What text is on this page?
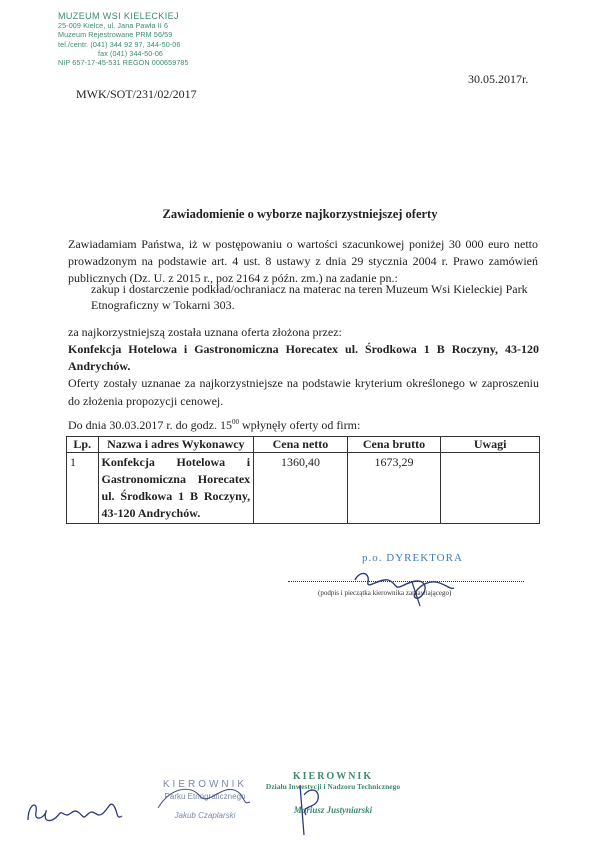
MUZEUM WSI KIELECKIEJ
25-009 Kielce, ul. Jana Pawła II 6
Muzeum Rejestrowane PRM 56/59
tel./centr. (041) 344 92 97, 344-50-06
fax (041) 344-50-06
NIP 657-17-45-531 REGON 000659785
30.05.2017r.
MWK/SOT/231/02/2017
Zawiadomienie o wyborze najkorzystniejszej oferty
Zawiadamiam Państwa, iż w postępowaniu o wartości szacunkowej poniżej 30 000 euro netto prowadzonym na podstawie art. 4 ust. 8 ustawy z dnia 29 stycznia 2004 r. Prawo zamówień publicznych (Dz. U. z 2015 r., poz 2164 z późn. zm.) na zadanie pn.:
zakup i dostarczenie podkład/ochraniacz na materac na teren Muzeum Wsi Kieleckiej Park Etnograficzny w Tokarni 303.
za najkorzystniejszą została uznana oferta złożona przez:
Konfekcja Hotelowa i Gastronomiczna Horecatex ul. Środkowa 1 B Roczyny, 43-120 Andrychów.
Oferty zostały uznanae za najkorzystniejsze na podstawie kryterium określonego w zaproszeniu do złożenia propozycji cenowej.
Do dnia 30.03.2017 r. do godz. $15^{00}$ wpłynęły oferty od firm:
Lp.	Nazwa i adres Wykonawcy	Cena netto	Cena brutto	Uwagi
1	Konfekcja Hotelowa i Gastronomiczna Horecatex ul. Środkowa 1 B Roczyny, 43-120 Andrychów.	1360,40	1673,29	
p.o. DYREKTORA
(podpis i pieczątka kierownika zamawiającego)
KIEROWNIK
Parku Etnograficznego
Jakub Czaplarski
KIEROWNIK
Działu Inwestycji i Nadzoru Technicznego
Mariusz Justyniarski
